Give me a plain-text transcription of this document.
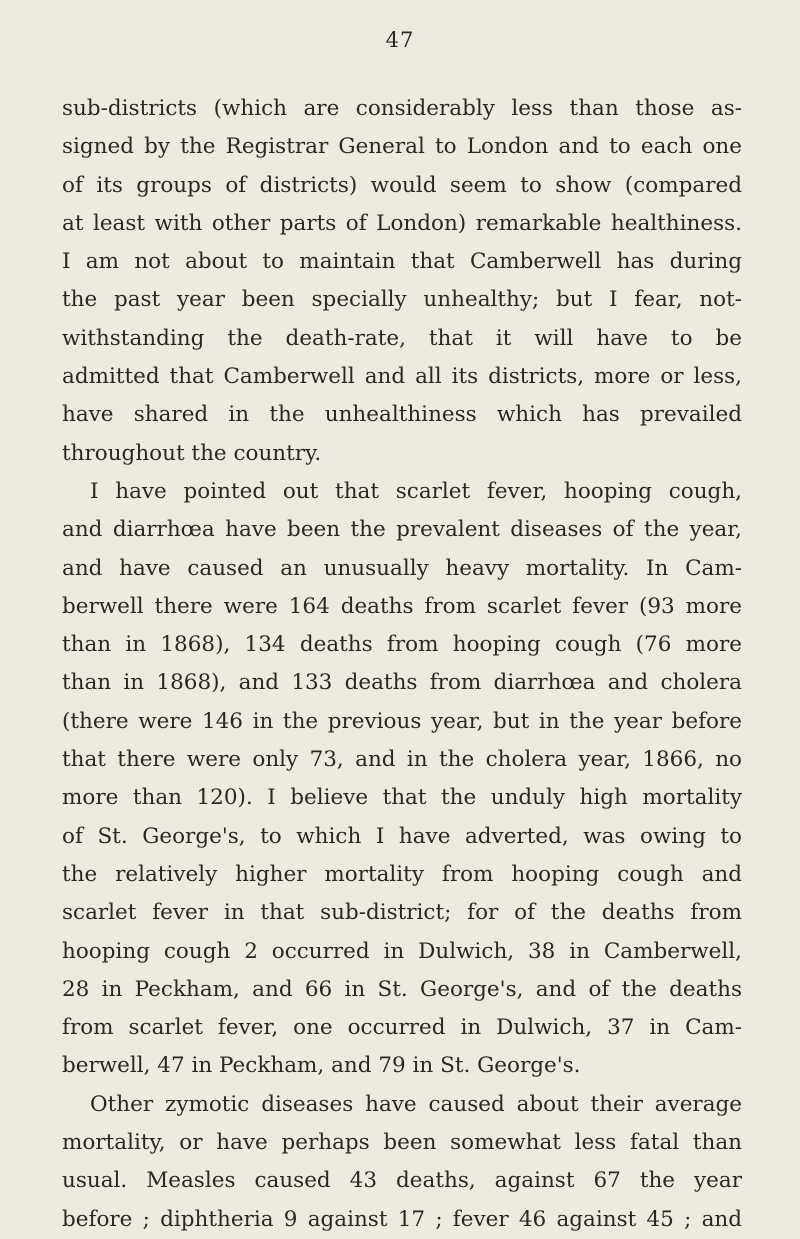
47
sub-districts (which are considerably less than those as-
signed by the Registrar General to London and to each one
of its groups of districts) would seem to show (compared
at least with other parts of London) remarkable healthiness.
I am not about to maintain that Camberwell has during
the past year been specially unhealthy; but I fear, not-
withstanding the death-rate, that it will have to be
admitted that Camberwell and all its districts, more or less,
have shared in the unhealthiness which has prevailed
throughout the country.
I have pointed out that scarlet fever, hooping cough,
and diarrhœa have been the prevalent diseases of the year,
and have caused an unusually heavy mortality. In Cam-
berwell there were 164 deaths from scarlet fever (93 more
than in 1868), 134 deaths from hooping cough (76 more
than in 1868), and 133 deaths from diarrhœa and cholera
(there were 146 in the previous year, but in the year before
that there were only 73, and in the cholera year, 1866, no
more than 120). I believe that the unduly high mortality
of St. George's, to which I have adverted, was owing to
the relatively higher mortality from hooping cough and
scarlet fever in that sub-district; for of the deaths from
hooping cough 2 occurred in Dulwich, 38 in Camberwell,
28 in Peckham, and 66 in St. George's, and of the deaths
from scarlet fever, one occurred in Dulwich, 37 in Cam-
berwell, 47 in Peckham, and 79 in St. George's.
Other zymotic diseases have caused about their average
mortality, or have perhaps been somewhat less fatal than
usual. Measles caused 43 deaths, against 67 the year
before ; diphtheria 9 against 17 ; fever 46 against 45 ; and
